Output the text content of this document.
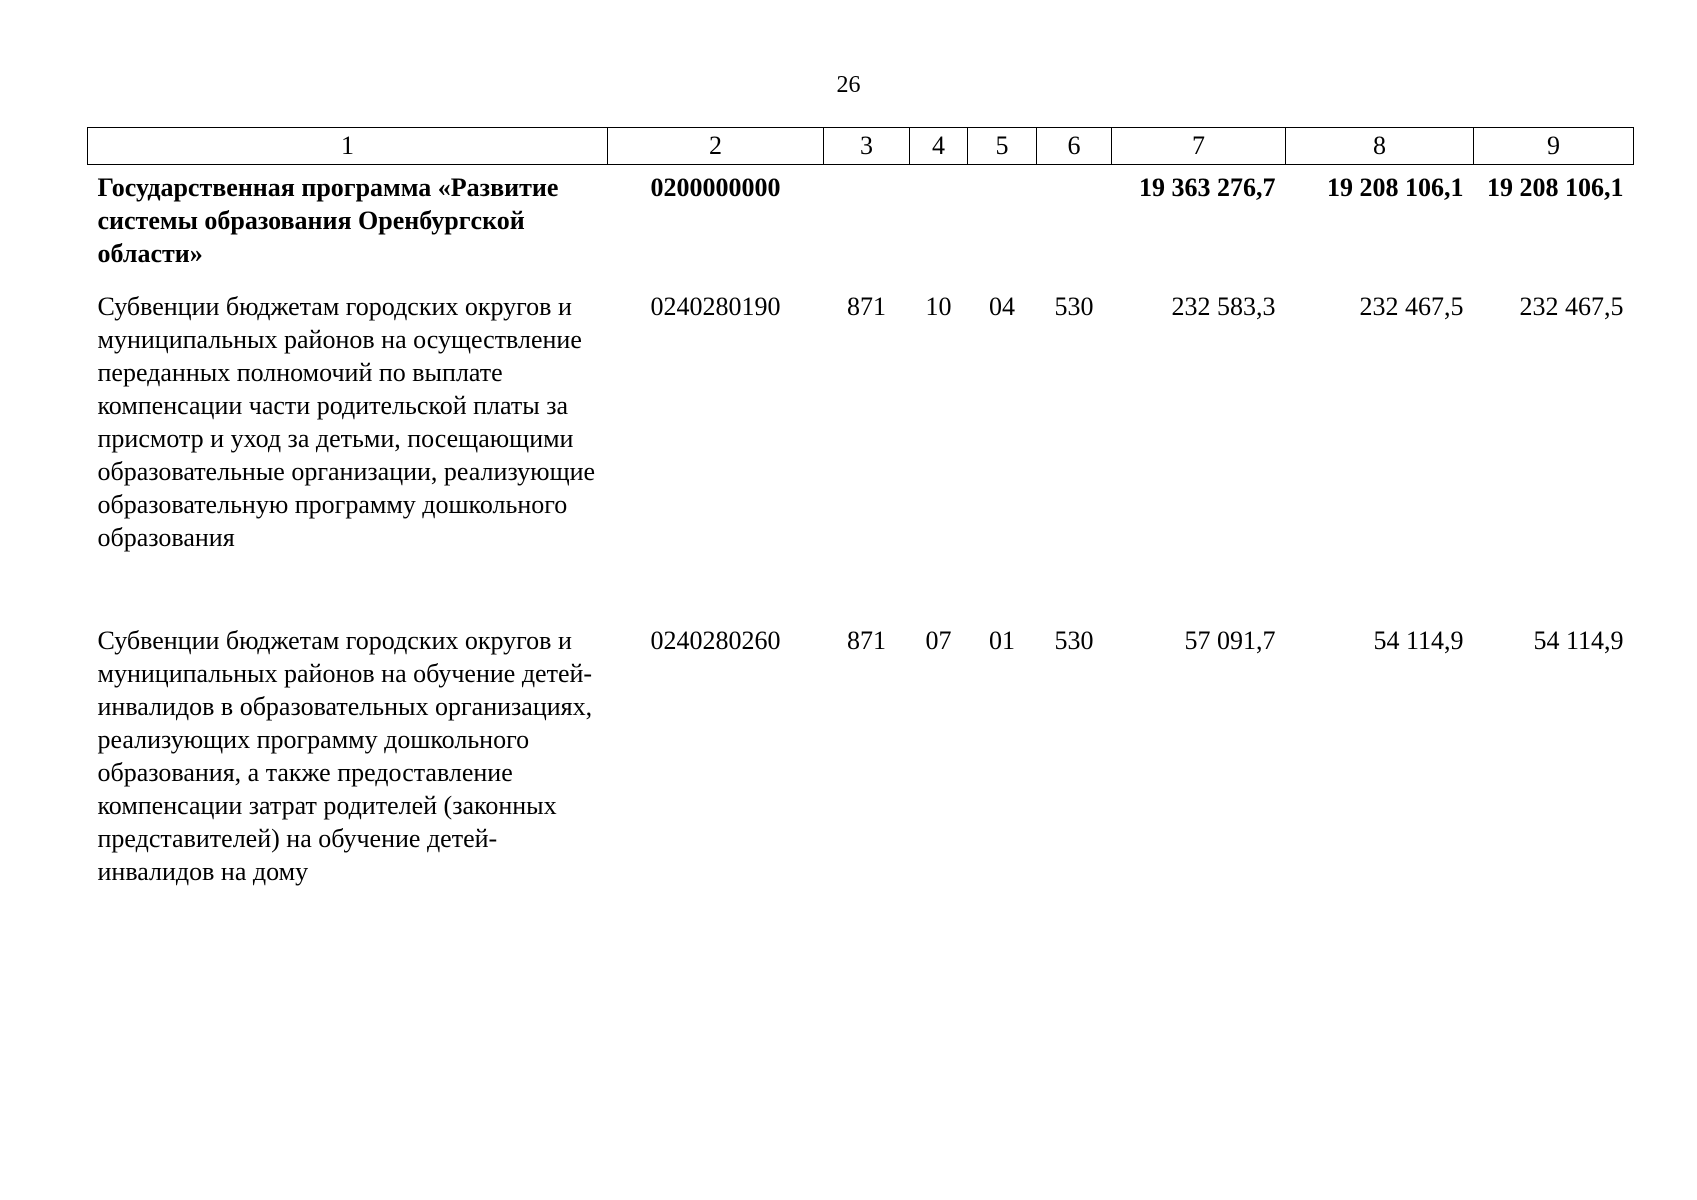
26
1	2	3	4	5	6	7	8	9
Государственная программа «Развитие системы образования Оренбургской области»	0200000000					19 363 276,7	19 208 106,1	19 208 106,1
Субвенции бюджетам городских округов и муниципальных районов на осуществление переданных полномочий по выплате компенсации части родительской платы за присмотр и уход за детьми, посещающими образовательные организации, реализующие образовательную программу дошкольного образования	0240280190	871	10	04	530	232 583,3	232 467,5	232 467,5
Субвенции бюджетам городских округов и муниципальных районов на обучение детей-инвалидов в образовательных организациях, реализующих программу дошкольного образования, а также предоставление компенсации затрат родителей (законных представителей) на обучение детей-инвалидов на дому	0240280260	871	07	01	530	57 091,7	54 114,9	54 114,9
